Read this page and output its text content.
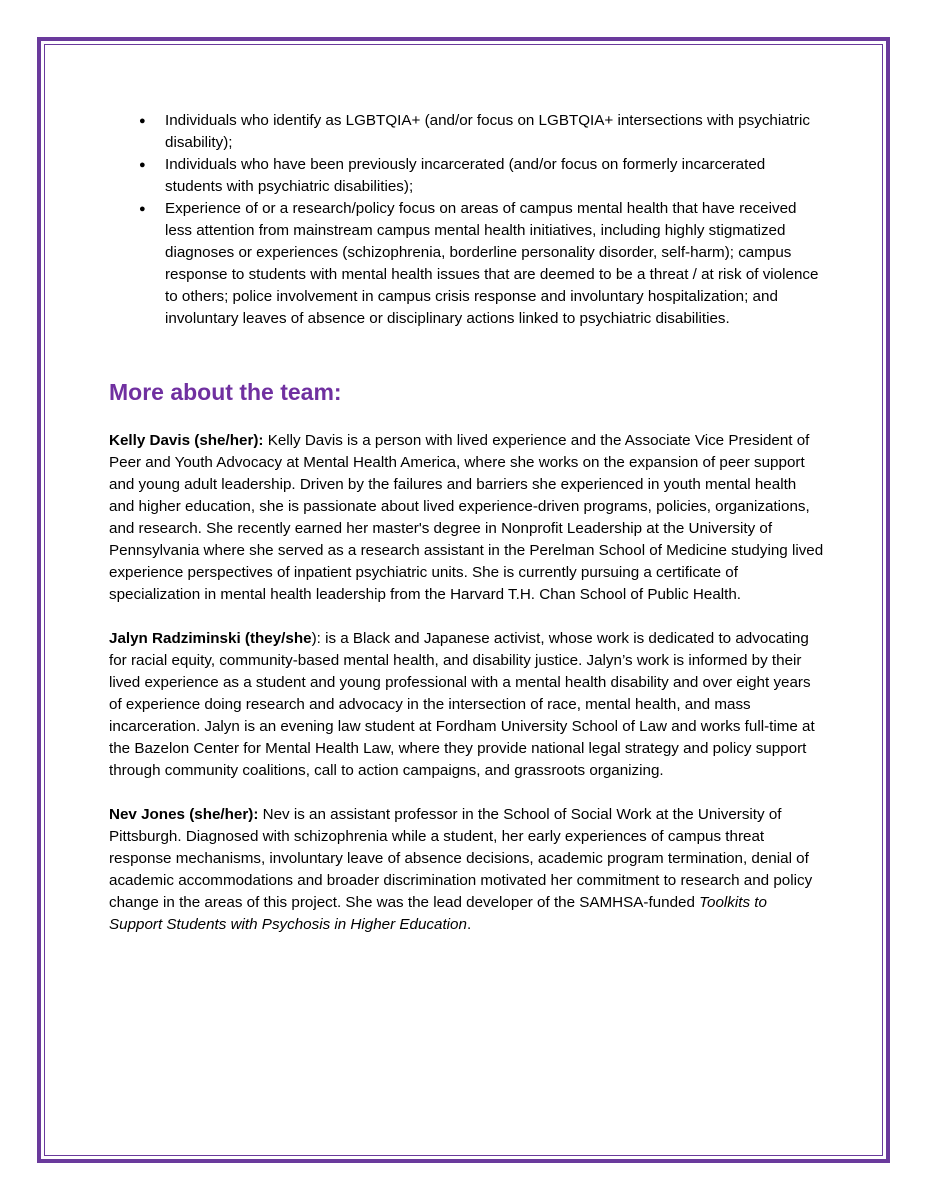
● Individuals who identify as LGBTQIA+ (and/or focus on LGBTQIA+ intersections with psychiatric disability);
● Individuals who have been previously incarcerated (and/or focus on formerly incarcerated students with psychiatric disabilities);
● Experience of or a research/policy focus on areas of campus mental health that have received less attention from mainstream campus mental health initiatives, including highly stigmatized diagnoses or experiences (schizophrenia, borderline personality disorder, self-harm); campus response to students with mental health issues that are deemed to be a threat / at risk of violence to others; police involvement in campus crisis response and involuntary hospitalization; and involuntary leaves of absence or disciplinary actions linked to psychiatric disabilities.
More about the team:

Kelly Davis (she/her): Kelly Davis is a person with lived experience and the Associate Vice President of Peer and Youth Advocacy at Mental Health America, where she works on the expansion of peer support and young adult leadership. Driven by the failures and barriers she experienced in youth mental health and higher education, she is passionate about lived experience-driven programs, policies, organizations, and research. She recently earned her master's degree in Nonprofit Leadership at the University of Pennsylvania where she served as a research assistant in the Perelman School of Medicine studying lived experience perspectives of inpatient psychiatric units. She is currently pursuing a certificate of specialization in mental health leadership from the Harvard T.H. Chan School of Public Health.

Jalyn Radziminski (they/she): is a Black and Japanese activist, whose work is dedicated to advocating for racial equity, community-based mental health, and disability justice. Jalyn’s work is informed by their lived experience as a student and young professional with a mental health disability and over eight years of experience doing research and advocacy in the intersection of race, mental health, and mass incarceration. Jalyn is an evening law student at Fordham University School of Law and works full-time at the Bazelon Center for Mental Health Law, where they provide national legal strategy and policy support through community coalitions, call to action campaigns, and grassroots organizing.

Nev Jones (she/her): Nev is an assistant professor in the School of Social Work at the University of Pittsburgh. Diagnosed with schizophrenia while a student, her early experiences of campus threat response mechanisms, involuntary leave of absence decisions, academic program termination, denial of academic accommodations and broader discrimination motivated her commitment to research and policy change in the areas of this project. She was the lead developer of the SAMHSA-funded Toolkits to Support Students with Psychosis in Higher Education.
